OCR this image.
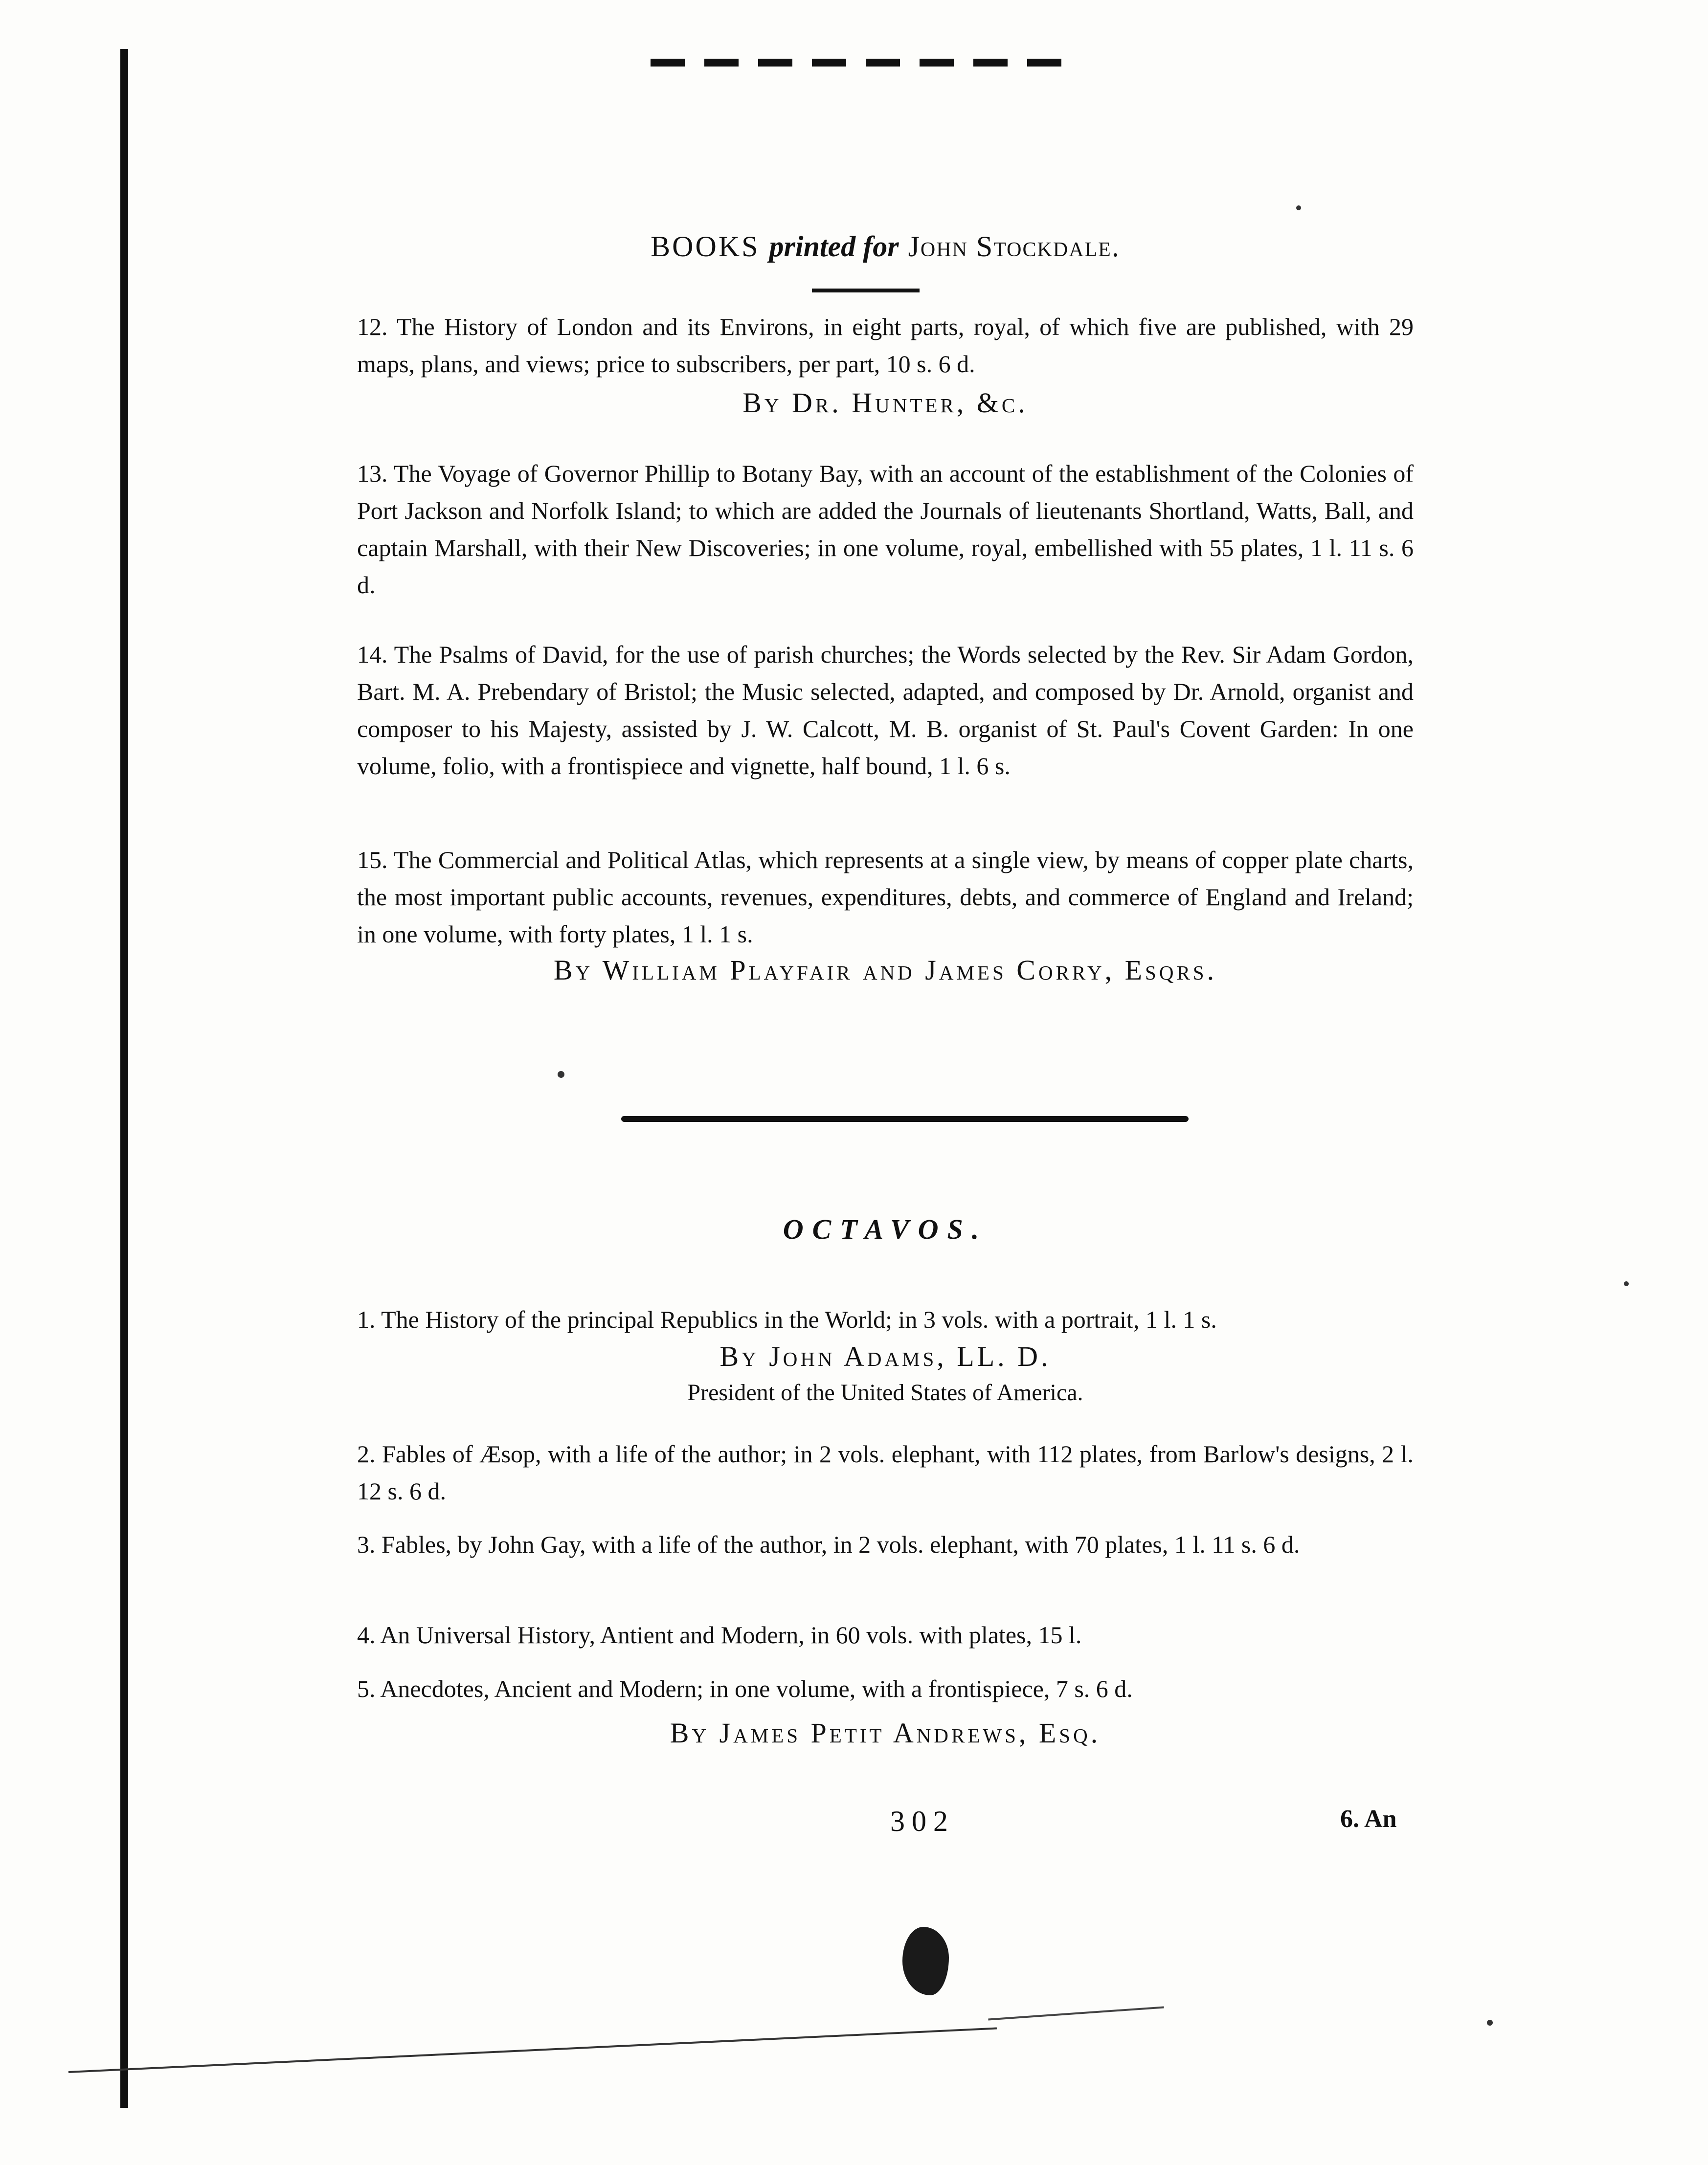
BOOKS printed for John Stockdale.
12. The History of London and its Environs, in eight parts, royal, of which five are published, with 29 maps, plans, and views; price to subscribers, per part, 10 s. 6 d.
By Dr. Hunter, &c.
13. The Voyage of Governor Phillip to Botany Bay, with an account of the establishment of the Colonies of Port Jackson and Norfolk Island; to which are added the Journals of lieutenants Shortland, Watts, Ball, and captain Marshall, with their New Discoveries; in one volume, royal, embellished with 55 plates, 1 l. 11 s. 6 d.
14. The Psalms of David, for the use of parish churches; the Words selected by the Rev. Sir Adam Gordon, Bart. M. A. Prebendary of Bristol; the Music selected, adapted, and composed by Dr. Arnold, organist and composer to his Majesty, assisted by J. W. Calcott, M. B. organist of St. Paul's Covent Garden: In one volume, folio, with a frontispiece and vignette, half bound, 1 l. 6 s.
15. The Commercial and Political Atlas, which represents at a single view, by means of copper plate charts, the most important public accounts, revenues, expenditures, debts, and commerce of England and Ireland; in one volume, with forty plates, 1 l. 1 s.
By William Playfair and James Corry, Esqrs.
OCTAVOS.
1. The History of the principal Republics in the World; in 3 vols. with a portrait, 1 l. 1 s.
By John Adams, LL. D.
President of the United States of America.
2. Fables of Æsop, with a life of the author; in 2 vols. elephant, with 112 plates, from Barlow's designs, 2 l. 12 s. 6 d.
3. Fables, by John Gay, with a life of the author, in 2 vols. elephant, with 70 plates, 1 l. 11 s. 6 d.
4. An Universal History, Antient and Modern, in 60 vols. with plates, 15 l.
5. Anecdotes, Ancient and Modern; in one volume, with a frontispiece, 7 s. 6 d.
By James Petit Andrews, Esq.
302	6. An
